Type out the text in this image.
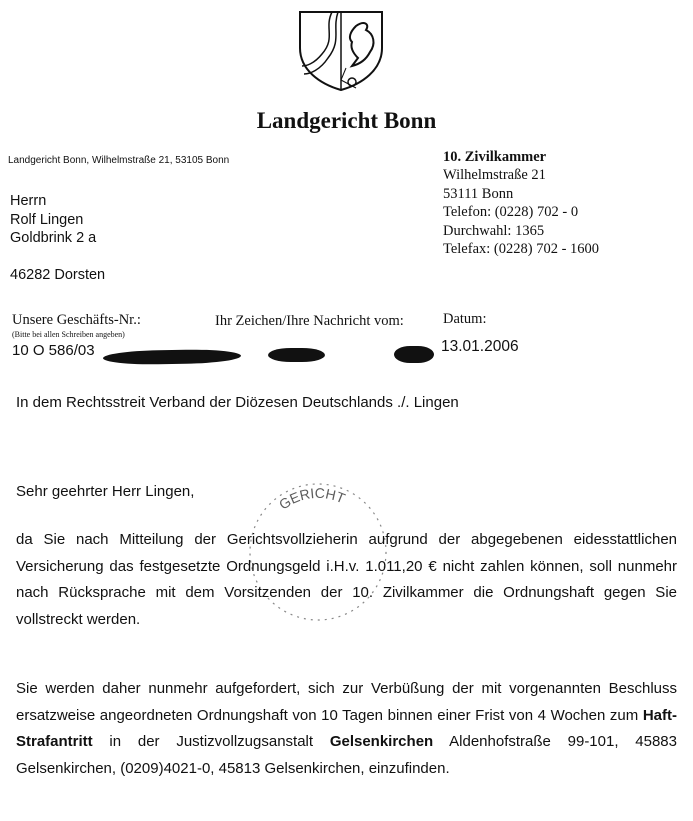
Landgericht Bonn
Landgericht Bonn, Wilhelmstraße 21, 53105 Bonn	10. Zivilkammer
Wilhelmstraße 21
53111 Bonn
Telefon: (0228) 702 - 0
Durchwahl: 1365
Telefax: (0228) 702 - 1600
Herrn
Rolf Lingen
Goldbrink 2 a
46282 Dorsten
Unsere Geschäfts-Nr.:
(Bitte bei allen Schreiben angeben)
10 O 586/03
Ihr Zeichen/Ihre Nachricht vom:	Datum:
13.01.2006
In dem Rechtsstreit Verband der Diözesen Deutschlands ./. Lingen
Sehr geehrter Herr Lingen,
GERICHT
da Sie nach Mitteilung der Gerichtsvollzieherin aufgrund der abgegebenen eidesstattlichen Versicherung das festgesetzte Ordnungsgeld i.H.v. 1.011,20 € nicht zahlen können, soll nunmehr nach Rücksprache mit dem Vorsitzenden der 10. Zivilkammer die Ordnungshaft gegen Sie vollstreckt werden.
Sie werden daher nunmehr aufgefordert, sich zur Verbüßung der mit vorgenannten Beschluss ersatzweise angeordneten Ordnungshaft von 10 Tagen binnen einer Frist von 4 Wochen zum Haft-Strafantritt in der Justizvollzugsanstalt Gelsenkirchen Aldenhofstraße 99-101, 45883 Gelsenkirchen, (0209)4021-0, 45813 Gelsenkirchen, einzufinden.
